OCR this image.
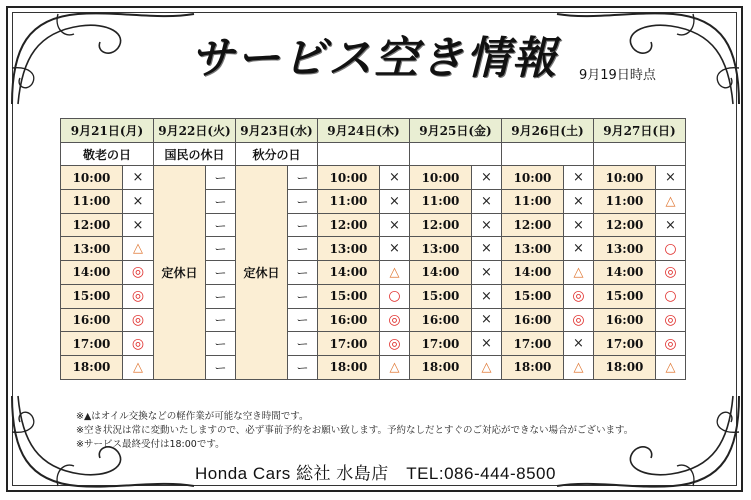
サービス空き情報 9月19日時点
9月21日(月)		9月22日(火)		9月23日(水)		9月24日(木)		9月25日(金)		9月26日(土)		9月27日(日)	
敬老の日		国民の休日		秋分の日									
10:00	×	定休日	ー	定休日	ー	10:00	×	10:00	×	10:00	×	10:00	×
11:00	×		ー		ー	11:00	×	11:00	×	11:00	×	11:00	△
12:00	×		ー		ー	12:00	×	12:00	×	12:00	×	12:00	×
13:00	△		ー		ー	13:00	×	13:00	×	13:00	×	13:00	○
14:00	◎		ー		ー	14:00	△	14:00	×	14:00	△	14:00	◎
15:00	◎		ー		ー	15:00	○	15:00	×	15:00	◎	15:00	○
16:00	◎		ー		ー	16:00	◎	16:00	×	16:00	◎	16:00	◎
17:00	◎		ー		ー	17:00	◎	17:00	×	17:00	×	17:00	◎
18:00	△		ー		ー	18:00	△	18:00	△	18:00	△	18:00	△
※▲はオイル交換などの軽作業が可能な空き時間です。
※空き状況は常に変動いたしますので、必ず事前予約をお願い致します。予約なしだとすぐのご対応ができない場合がございます。
※サービス最終受付は18:00です。
Honda Cars 総社 水島店　TEL:086-444-8500
